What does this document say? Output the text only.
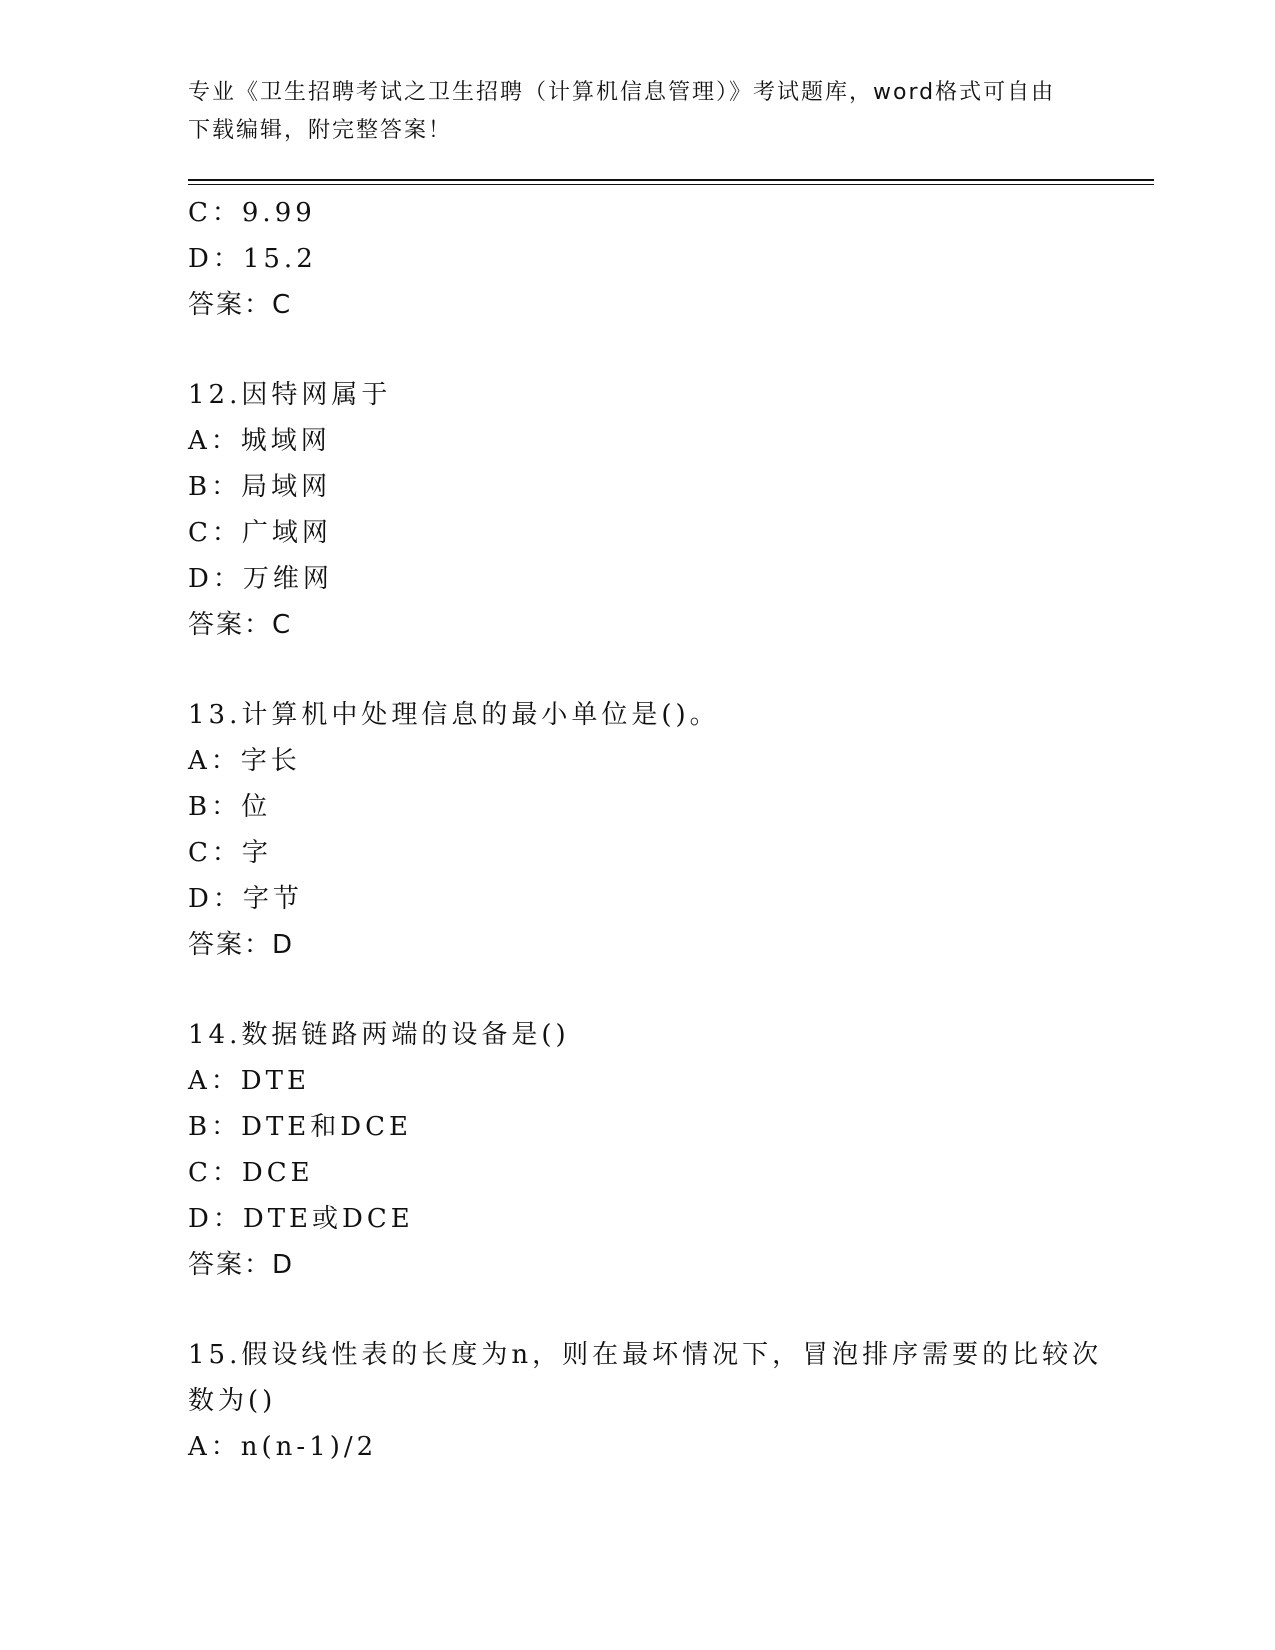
专业《卫生招聘考试之卫生招聘（计算机信息管理）》考试题库，word格式可自由下载编辑，附完整答案！
C：9.99
D：15.2
答案：C
12.因特网属于
A：城域网
B：局域网
C：广域网
D：万维网
答案：C
13.计算机中处理信息的最小单位是()。
A：字长
B：位
C：字
D：字节
答案：D
14.数据链路两端的设备是()
A：DTE
B：DTE和DCE
C：DCE
D：DTE或DCE
答案：D
15.假设线性表的长度为n，则在最坏情况下，冒泡排序需要的比较次
数为()
A：n(n-1)/2
